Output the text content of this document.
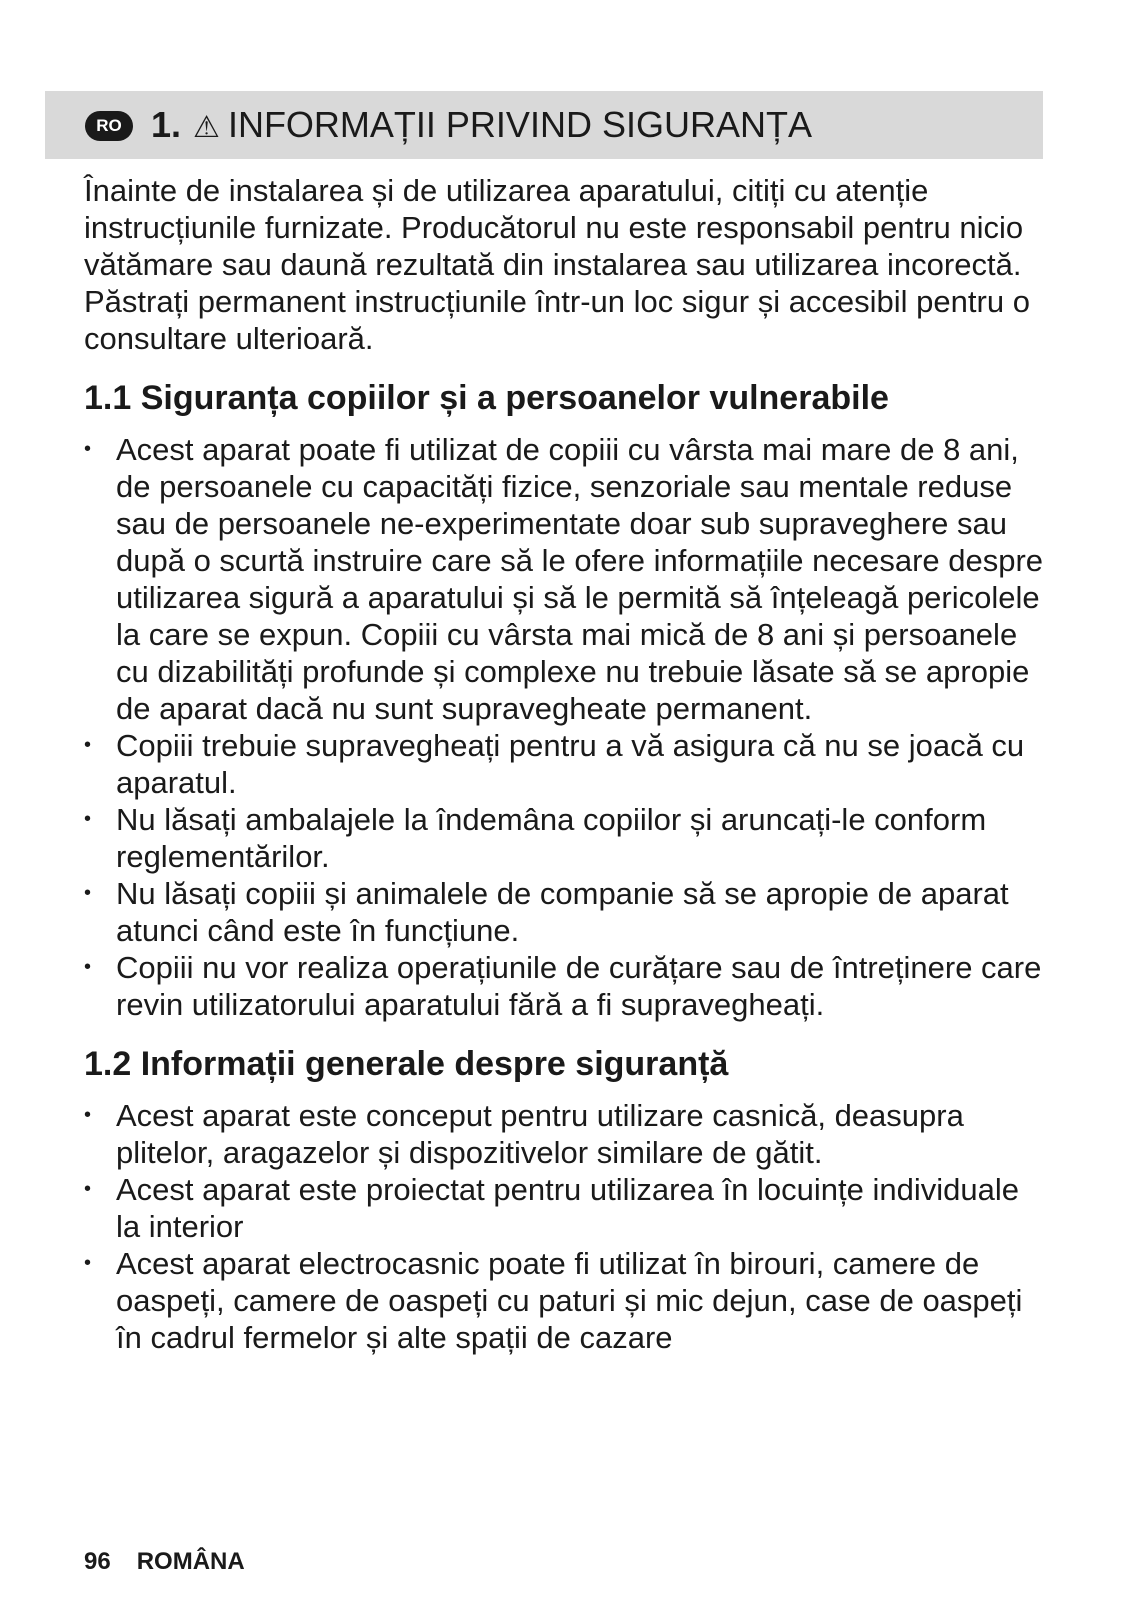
RO 1. ⚠ INFORMAȚII PRIVIND SIGURANȚA

Înainte de instalarea și de utilizarea aparatului, citiți cu atenție instrucțiunile furnizate. Producătorul nu este responsabil pentru nicio vătămare sau daună rezultată din instalarea sau utilizarea incorectă. Păstrați permanent instrucțiunile într-un loc sigur și accesibil pentru o consultare ulterioară.

1.1 Siguranța copiilor și a persoanelor vulnerabile
• Acest aparat poate fi utilizat de copiii cu vârsta mai mare de 8 ani, de persoanele cu capacități fizice, senzoriale sau mentale reduse sau de persoanele ne-experimentate doar sub supraveghere sau după o scurtă instruire care să le ofere informațiile necesare despre utilizarea sigură a aparatului și să le permită să înțeleagă pericolele la care se expun. Copiii cu vârsta mai mică de 8 ani și persoanele cu dizabilități profunde și complexe nu trebuie lăsate să se apropie de aparat dacă nu sunt supravegheate permanent.
• Copiii trebuie supravegheați pentru a vă asigura că nu se joacă cu aparatul.
• Nu lăsați ambalajele la îndemâna copiilor și aruncați-le conform reglementărilor.
• Nu lăsați copiii și animalele de companie să se apropie de aparat atunci când este în funcțiune.
• Copiii nu vor realiza operațiunile de curățare sau de întreținere care revin utilizatorului aparatului fără a fi supravegheați.
1.2 Informații generale despre siguranță
• Acest aparat este conceput pentru utilizare casnică, deasupra plitelor, aragazelor și dispozitivelor similare de gătit.
• Acest aparat este proiectat pentru utilizarea în locuințe individuale la interior
• Acest aparat electrocasnic poate fi utilizat în birouri, camere de oaspeți, camere de oaspeți cu paturi și mic dejun, case de oaspeți în cadrul fermelor și alte spații de cazare
96 ROMÂNA
